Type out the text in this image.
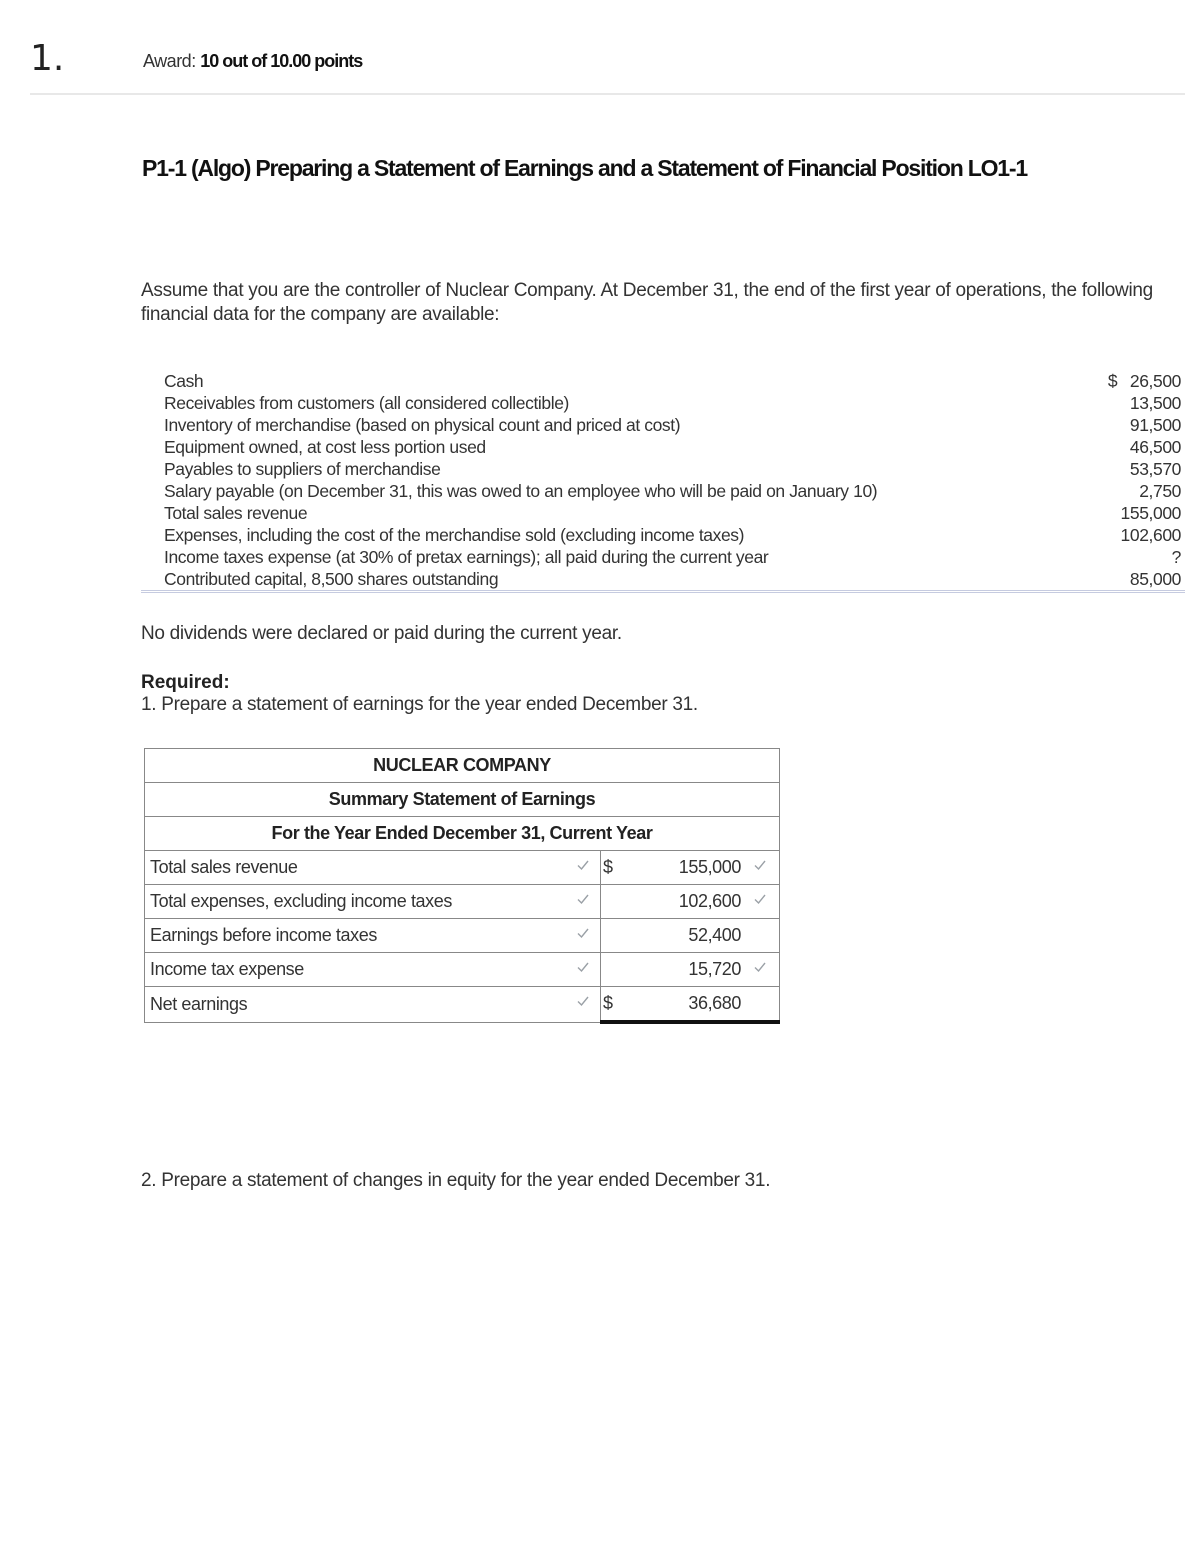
1.	Award: 10 out of 10.00 points
P1-1 (Algo) Preparing a Statement of Earnings and a Statement of Financial Position LO1-1
Assume that you are the controller of Nuclear Company. At December 31, the end of the first year of operations, the following financial data for the company are available:
Cash	$ 26,500
Receivables from customers (all considered collectible)	13,500
Inventory of merchandise (based on physical count and priced at cost)	91,500
Equipment owned, at cost less portion used	46,500
Payables to suppliers of merchandise	53,570
Salary payable (on December 31, this was owed to an employee who will be paid on January 10)	2,750
Total sales revenue	155,000
Expenses, including the cost of the merchandise sold (excluding income taxes)	102,600
Income taxes expense (at 30% of pretax earnings); all paid during the current year	?
Contributed capital, 8,500 shares outstanding	85,000
No dividends were declared or paid during the current year.
Required:
1. Prepare a statement of earnings for the year ended December 31.
NUCLEAR COMPANY		
Summary Statement of Earnings		
For the Year Ended December 31, Current Year		
Total sales revenue	$	155,000

Total expenses, excluding income taxes		102,600

Earnings before income taxes		52,400
Income tax expense		15,720

Net earnings	$	36,680
2. Prepare a statement of changes in equity for the year ended December 31.
